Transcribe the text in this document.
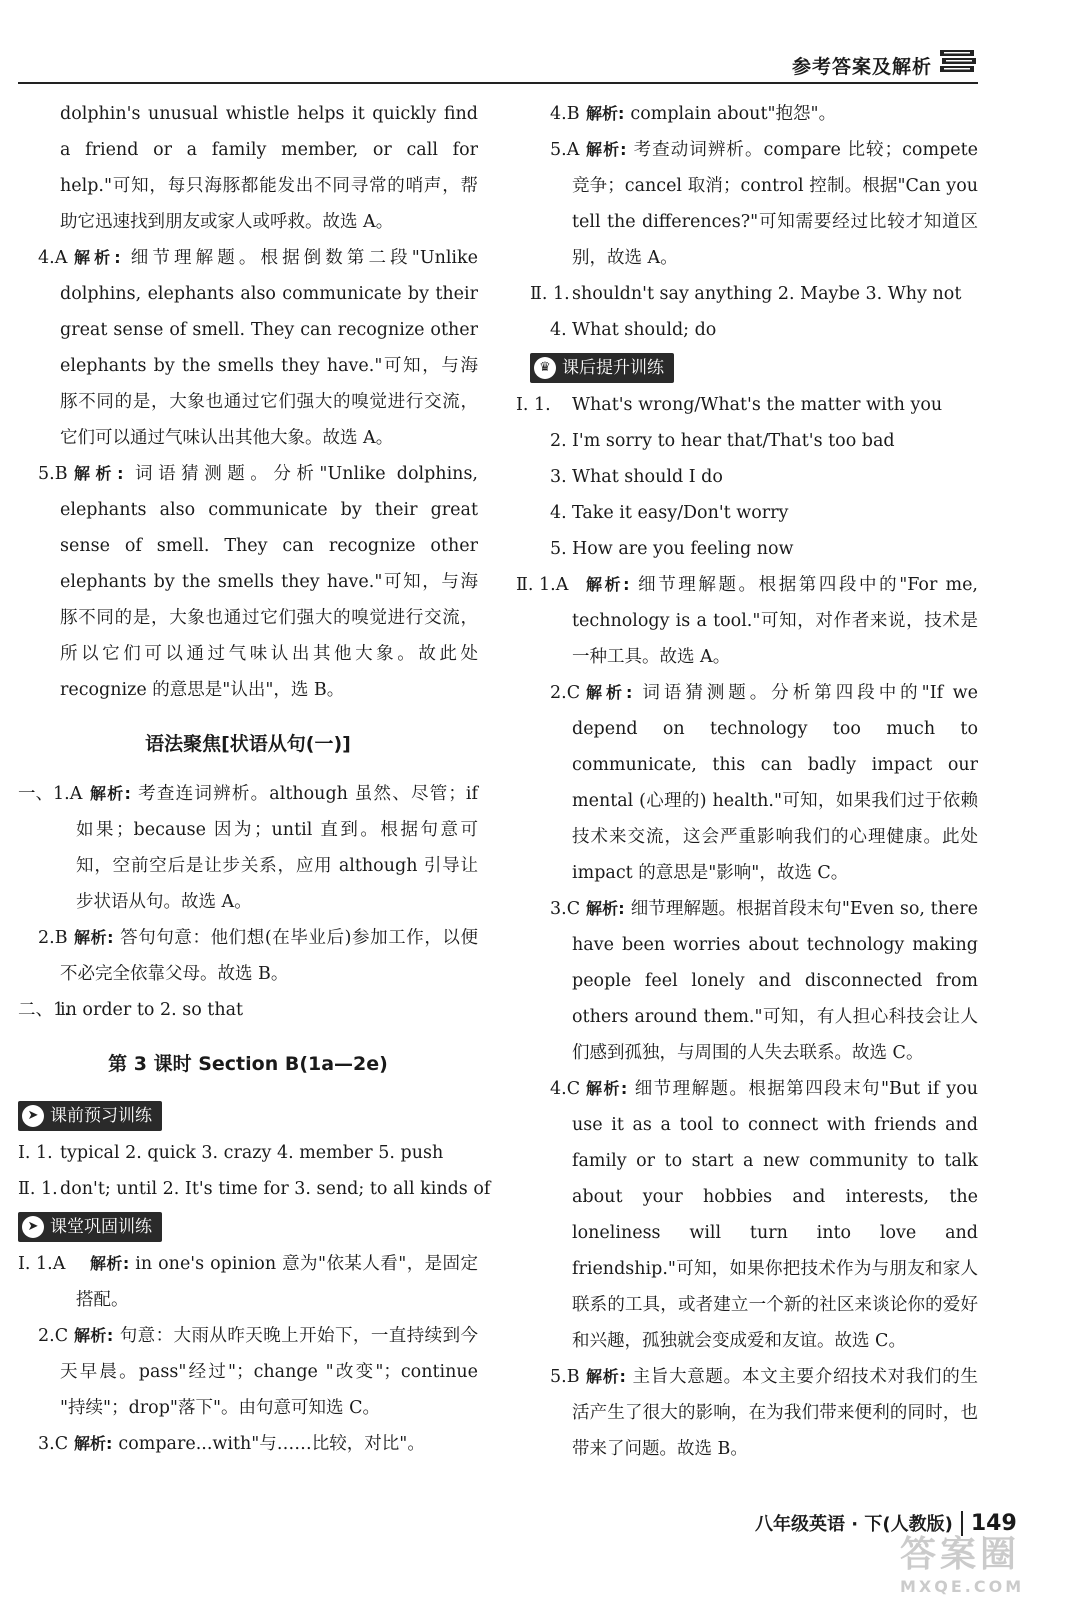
参考答案及解析
dolphin's unusual whistle helps it quickly find a friend or a family member, or call for help."可知，每只海豚都能发出不同寻常的哨声，帮助它迅速找到朋友或家人或呼救。故选 A。
4.A 解析: 细节理解题。根据倒数第二段"Unlike dolphins, elephants also communicate by their great sense of smell. They can recognize other elephants by the smells they have."可知，与海豚不同的是，大象也通过它们强大的嗅觉进行交流，它们可以通过气味认出其他大象。故选 A。
5.B 解析: 词语猜测题。分析"Unlike dolphins, elephants also communicate by their great sense of smell. They can recognize other elephants by the smells they have."可知，与海豚不同的是，大象也通过它们强大的嗅觉进行交流，所以它们可以通过气味认出其他大象。故此处 recognize 的意思是"认出"，选 B。
语法聚焦[状语从句(一)]
一、1.A 解析: 考查连词辨析。although 虽然、尽管；if 如果；because 因为；until 直到。根据句意可知，空前空后是让步关系，应用 although 引导让步状语从句。故选 A。
2.B 解析: 答句句意：他们想(在毕业后)参加工作，以便不必完全依靠父母。故选 B。
二、1.
in order to 2. so that
第 3 课时 Section B(1a—2e)
➤ 课前预习训练
Ⅰ. 1. typical 2. quick 3. crazy 4. member 5. push
Ⅱ. 1. don't; until 2. It's time for 3. send; to all kinds of
➤ 课堂巩固训练
Ⅰ. 1.A 解析: in one's opinion 意为"依某人看"，是固定搭配。
2.C 解析: 句意：大雨从昨天晚上开始下，一直持续到今天早晨。pass"经过"；change "改变"；continue "持续"；drop"落下"。由句意可知选 C。
3.C 解析: compare...with"与……比较，对比"。
4.B 解析: complain about"抱怨"。
5.A 解析: 考查动词辨析。compare 比较；compete 竞争；cancel 取消；control 控制。根据"Can you tell the differences?"可知需要经过比较才知道区别，故选 A。
Ⅱ. 1. shouldn't say anything 2. Maybe 3. Why not
4. What should; do
♛ 课后提升训练
Ⅰ. 1. What's wrong/What's the matter with you
2. I'm sorry to hear that/That's too bad
3. What should I do
4. Take it easy/Don't worry
5. How are you feeling now
Ⅱ. 1.A 解析: 细节理解题。根据第四段中的"For me, technology is a tool."可知，对作者来说，技术是一种工具。故选 A。
2.C 解析: 词语猜测题。分析第四段中的"If we depend on technology too much to communicate, this can badly impact our mental (心理的) health."可知，如果我们过于依赖技术来交流，这会严重影响我们的心理健康。此处 impact 的意思是"影响"，故选 C。
3.C 解析: 细节理解题。根据首段末句"Even so, there have been worries about technology making people feel lonely and disconnected from others around them."可知，有人担心科技会让人们感到孤独，与周围的人失去联系。故选 C。
4.C 解析: 细节理解题。根据第四段末句"But if you use it as a tool to connect with friends and family or to start a new community to talk about your hobbies and interests, the loneliness will turn into love and friendship."可知，如果你把技术作为与朋友和家人联系的工具，或者建立一个新的社区来谈论你的爱好和兴趣，孤独就会变成爱和友谊。故选 C。
5.B 解析: 主旨大意题。本文主要介绍技术对我们的生活产生了很大的影响，在为我们带来便利的同时，也带来了问题。故选 B。
八年级英语 · 下(人教版) 149
答案圈
MXQE.COM
